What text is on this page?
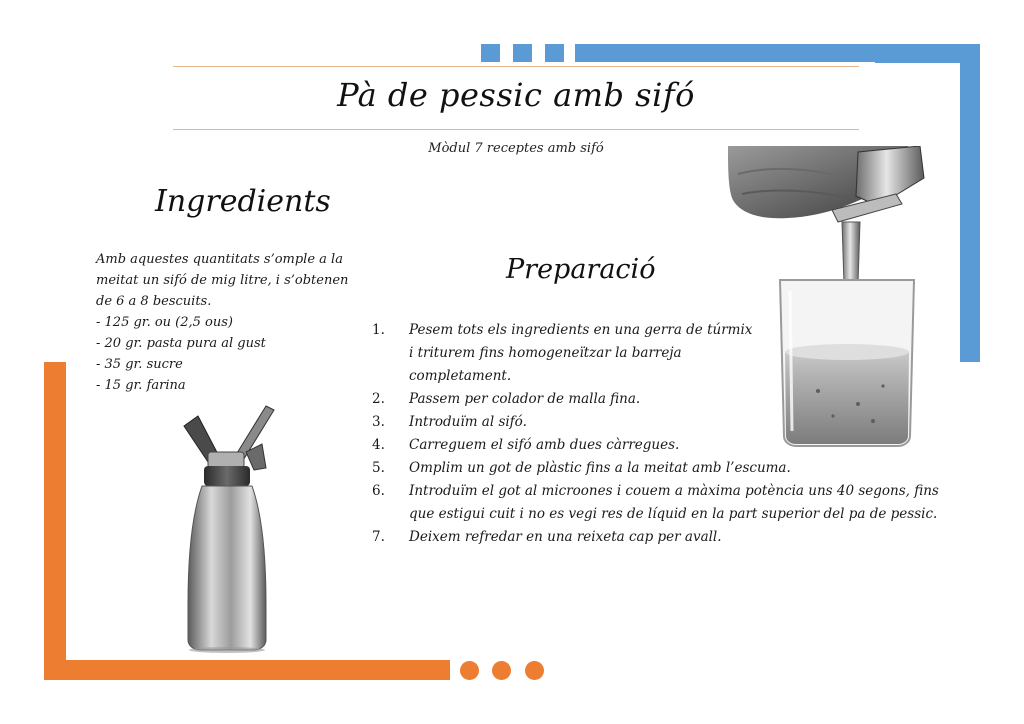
Pà de pessic amb sifó
Mòdul 7 receptes amb sifó
Ingredients
Amb aquestes quantitats s’omple a la meitat un sifó de mig litre, i s’obtenen de 6 a 8 bescuits.
- 125 gr. ou (2,5 ous)
- 20 gr. pasta pura al gust
- 35 gr. sucre
- 15 gr. farina
Preparació
1.	Pesem tots els ingredients en una gerra de túrmix i triturem fins homogeneïtzar la barreja completament.
2.	Passem per colador de malla fina.
3.	Introduïm al sifó.
4.	Carreguem el sifó amb dues càrregues.
5.	Omplim un got de plàstic fins a la meitat amb l’escuma.
6.	Introduïm el got al microones i couem a màxima potència uns 40 segons, fins que estigui cuit i no es vegi res de líquid en la part superior del pa de pessic.
7.	Deixem refredar en una reixeta cap per avall.
